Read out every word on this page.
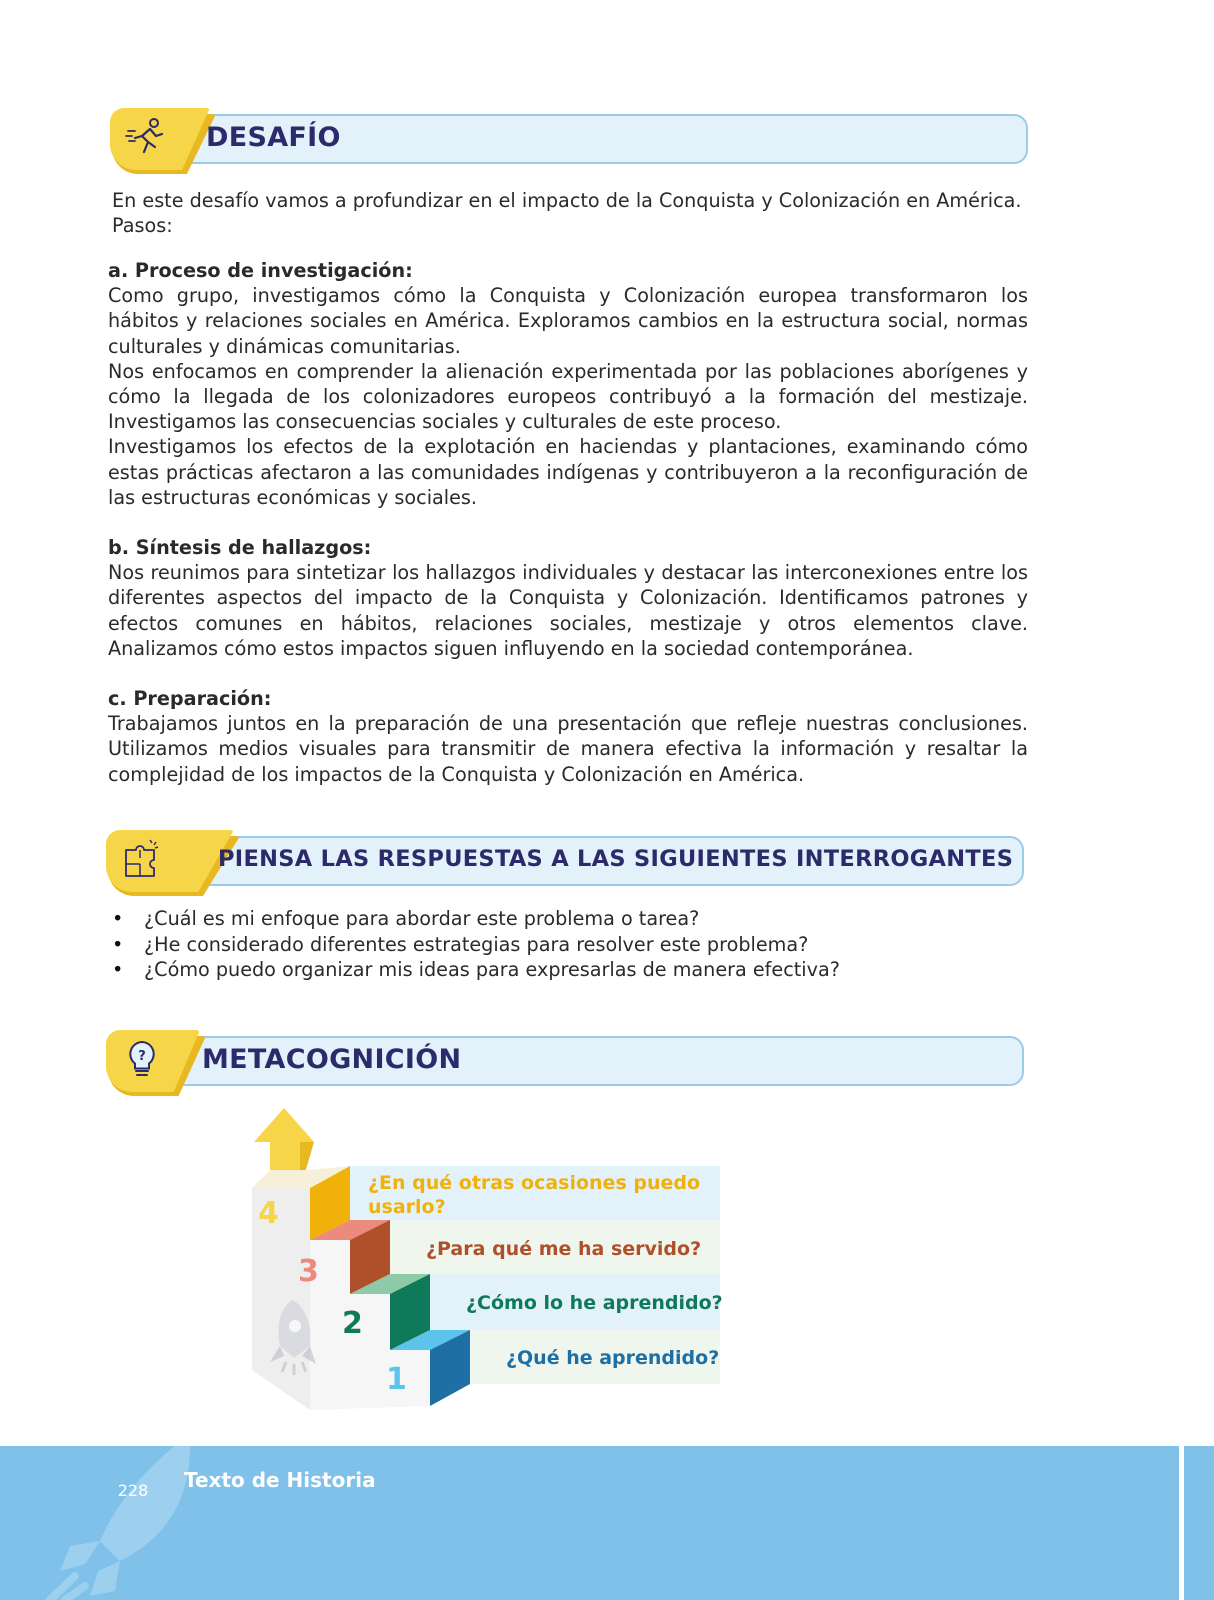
DESAFÍO

En este desafío vamos a profundizar en el impacto de la Conquista y Colonización en América.

Pasos:

a. Proceso de investigación:

Como grupo, investigamos cómo la Conquista y Colonización europea transformaron los hábitos y relaciones sociales en América. Exploramos cambios en la estructura social, normas culturales y dinámicas comunitarias.

Nos enfocamos en comprender la alienación experimentada por las poblaciones aborígenes y cómo la llegada de los colonizadores europeos contribuyó a la formación del mestizaje. Investigamos las consecuencias sociales y culturales de este proceso.

Investigamos los efectos de la explotación en haciendas y plantaciones, examinando cómo estas prácticas afectaron a las comunidades indígenas y contribuyeron a la reconfiguración de las estructuras económicas y sociales.

b. Síntesis de hallazgos:

Nos reunimos para sintetizar los hallazgos individuales y destacar las interconexiones entre los diferentes aspectos del impacto de la Conquista y Colonización. Identificamos patrones y efectos comunes en hábitos, relaciones sociales, mestizaje y otros elementos clave. Analizamos cómo estos impactos siguen influyendo en la sociedad contemporánea.

c. Preparación:

Trabajamos juntos en la preparación de una presentación que refleje nuestras conclusiones. Utilizamos medios visuales para transmitir de manera efectiva la información y resaltar la complejidad de los impactos de la Conquista y Colonización en América.

PIENSA LAS RESPUESTAS A LAS SIGUIENTES INTERROGANTES
• ¿Cuál es mi enfoque para abordar este problema o tarea?
• ¿He considerado diferentes estrategias para resolver este problema?
• ¿Cómo puedo organizar mis ideas para expresarlas de manera efectiva?
? METACOGNICIÓN
4
3
2
1
¿En qué otras ocasiones puedo
usarlo?
¿Para qué me ha servido?
¿Cómo lo he aprendido?
¿Qué he aprendido?
228 Texto de Historia
